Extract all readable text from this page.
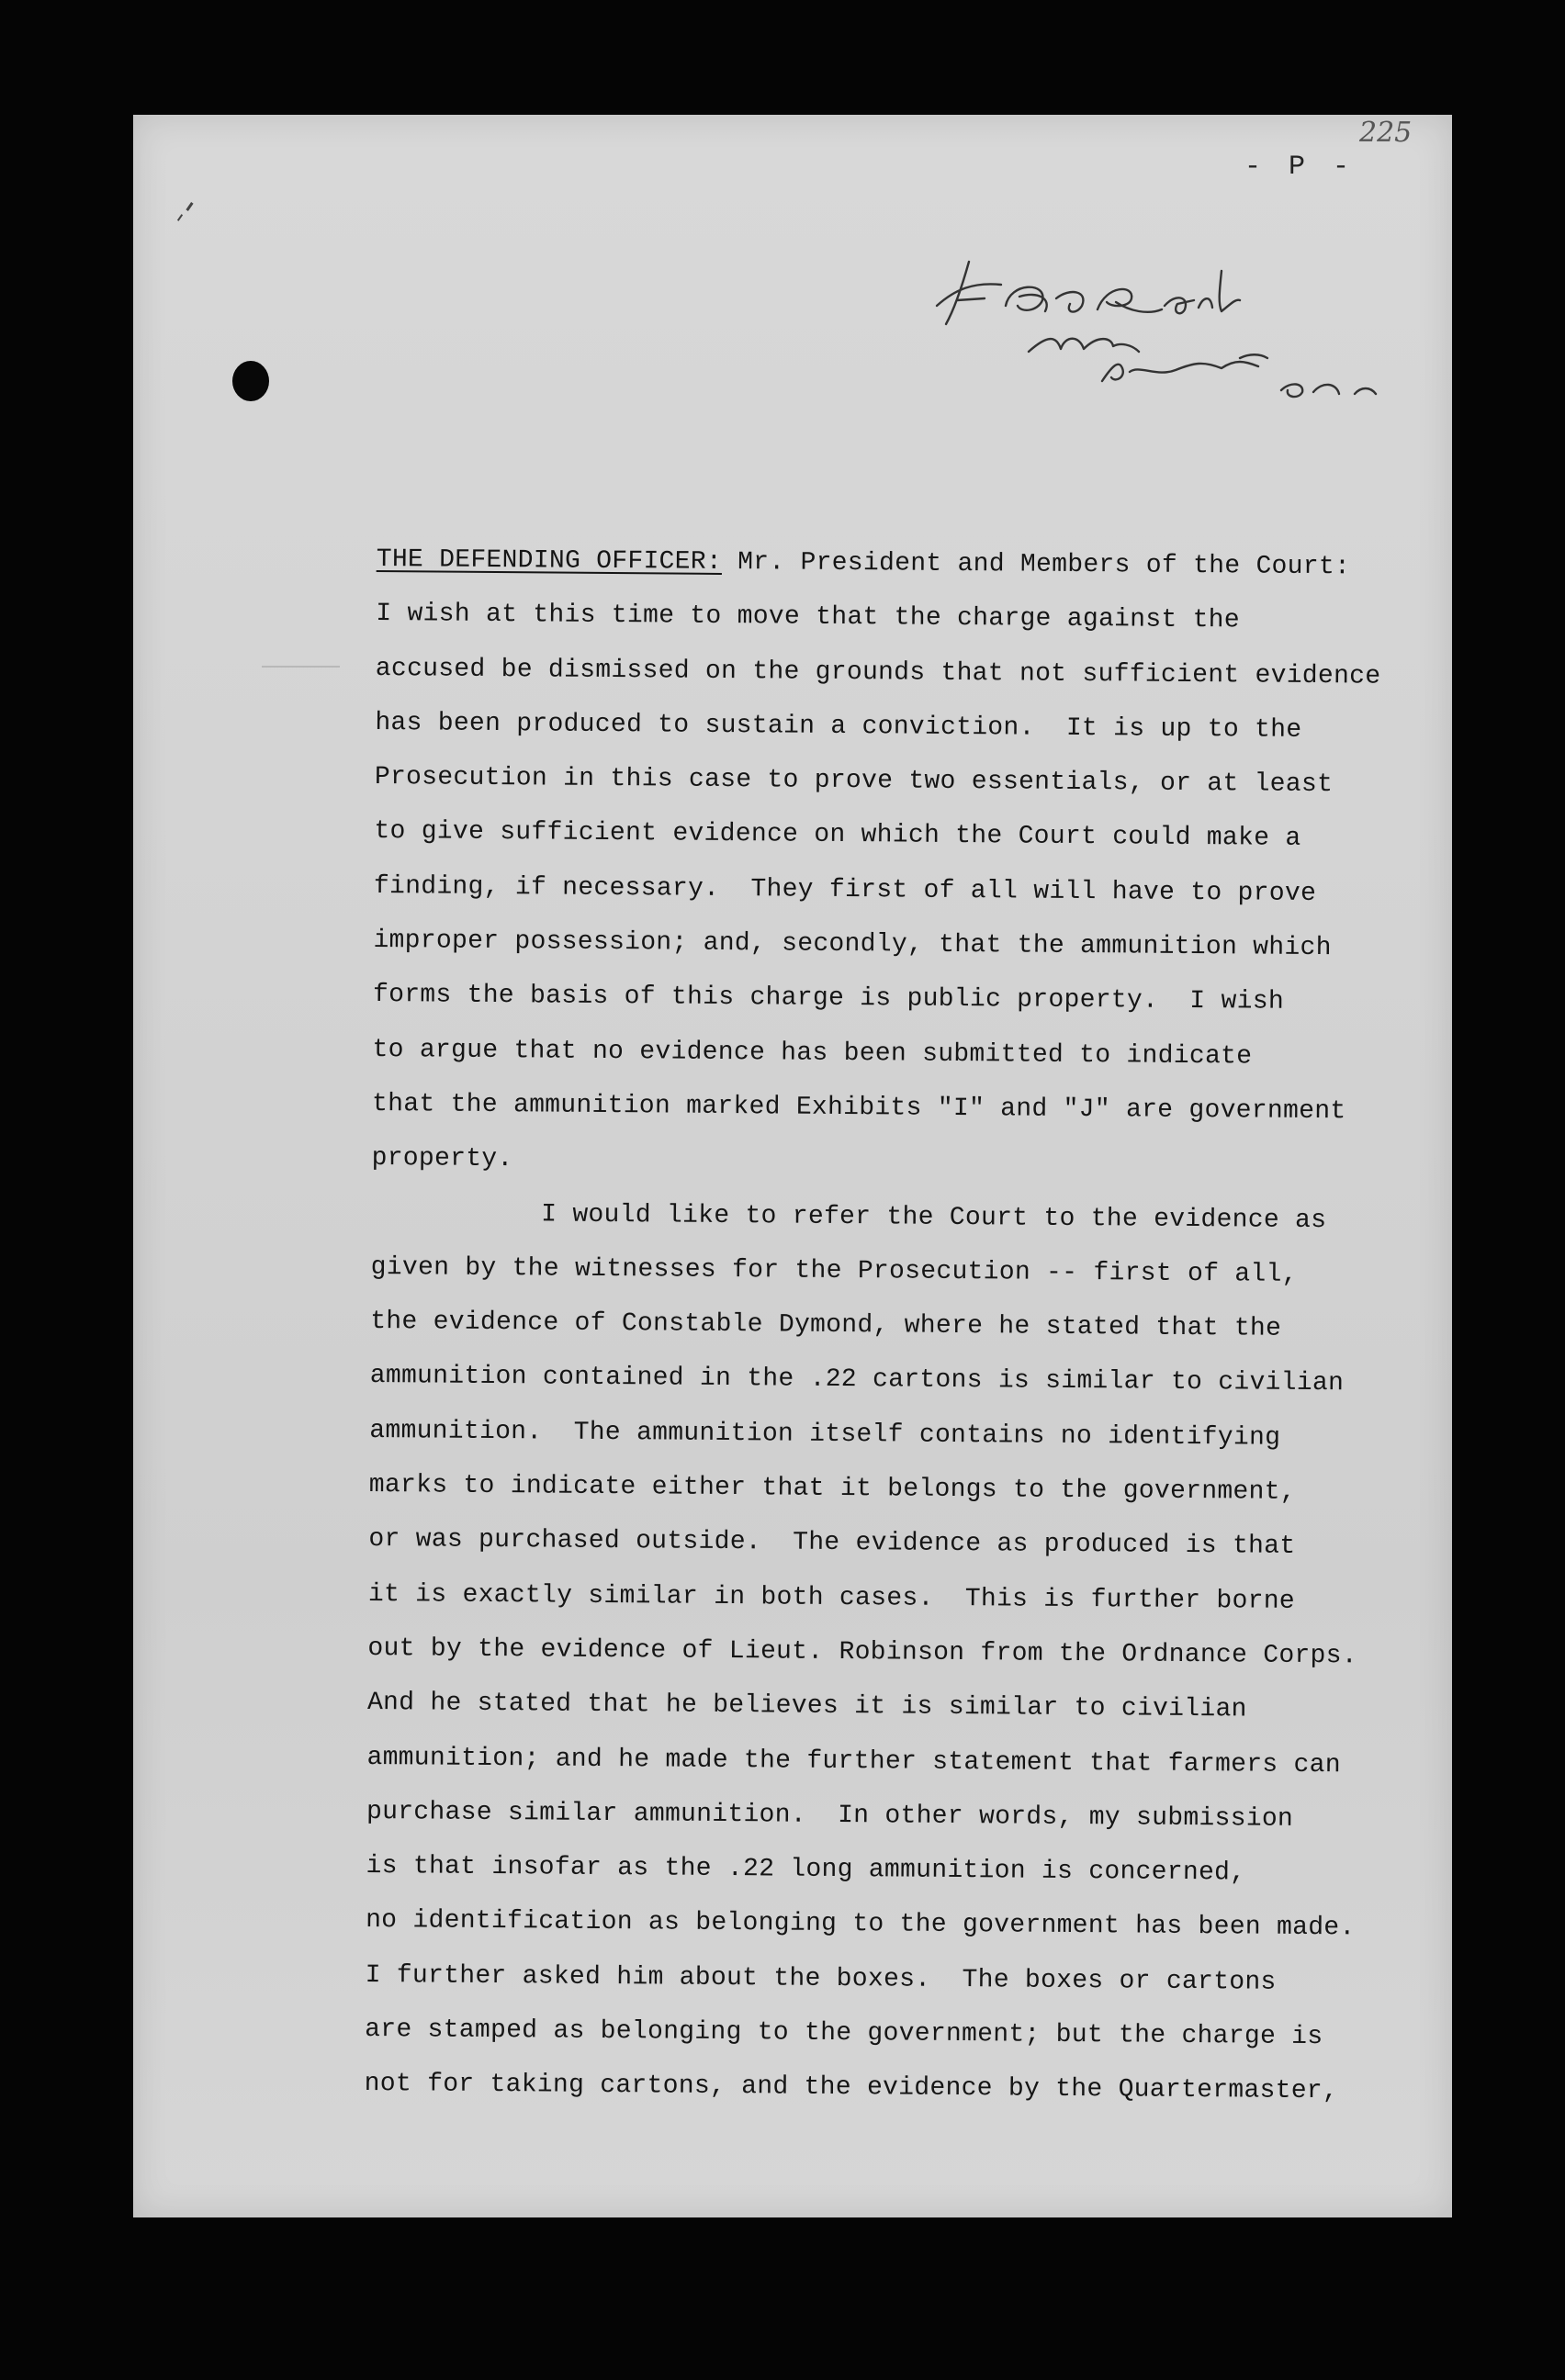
225
- P -
THE DEFENDING OFFICER: Mr. President and Members of the Court:
I wish at this time to move that the charge against the
accused be dismissed on the grounds that not sufficient evidence
has been produced to sustain a conviction.  It is up to the
Prosecution in this case to prove two essentials, or at least
to give sufficient evidence on which the Court could make a
finding, if necessary.  They first of all will have to prove
improper possession; and, secondly, that the ammunition which
forms the basis of this charge is public property.  I wish
to argue that no evidence has been submitted to indicate
that the ammunition marked Exhibits "I" and "J" are government
property.
I would like to refer the Court to the evidence as
given by the witnesses for the Prosecution -- first of all,
the evidence of Constable Dymond, where he stated that the
ammunition contained in the .22 cartons is similar to civilian
ammunition.  The ammunition itself contains no identifying
marks to indicate either that it belongs to the government,
or was purchased outside.  The evidence as produced is that
it is exactly similar in both cases.  This is further borne
out by the evidence of Lieut. Robinson from the Ordnance Corps.
And he stated that he believes it is similar to civilian
ammunition; and he made the further statement that farmers can
purchase similar ammunition.  In other words, my submission
is that insofar as the .22 long ammunition is concerned,
no identification as belonging to the government has been made.
I further asked him about the boxes.  The boxes or cartons
are stamped as belonging to the government; but the charge is
not for taking cartons, and the evidence by the Quartermaster,
